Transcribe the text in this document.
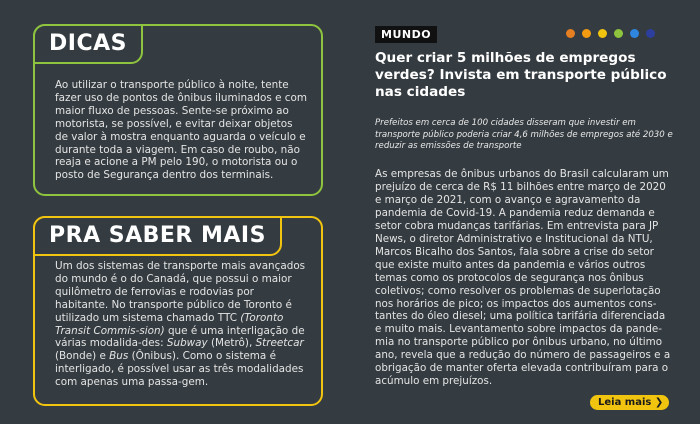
DICAS
Ao utilizar o transporte público à noite, tente fazer uso de pontos de ônibus iluminados e com maior fluxo de pessoas. Sente-se próximo ao motorista, se possível, e evitar deixar objetos de valor à mostra enquanto aguarda o veículo e durante toda a viagem. Em caso de roubo, não reaja e acione a PM pelo 190, o motorista ou o posto de Segurança dentro dos terminais.
PRA SABER MAIS
Um dos sistemas de transporte mais avançados do mundo é o do Canadá, que possui o maior quilômetro de ferrovias e rodovias por habitante. No transporte público de Toronto é utilizado um sistema chamado TTC (Toronto Transit Commis-sion) que é uma interligação de várias modalida-des: Subway (Metrô), Streetcar (Bonde) e Bus (Ônibus). Como o sistema é interligado, é possível usar as três modalidades com apenas uma passa-gem.
MUNDO
Quer criar 5 milhões de empregos verdes? Invista em transporte público nas cidades
Prefeitos em cerca de 100 cidades disseram que investir em transporte público poderia criar 4,6 milhões de empregos até 2030 e reduzir as emissões de transporte
As empresas de ônibus urbanos do Brasil calcularam um prejuízo de cerca de R$ 11 bilhões entre março de 2020 e março de 2021, com o avanço e agravamento da pandemia de Covid-19. A pandemia reduz demanda e setor cobra mudanças tarifárias. Em entrevista para JP News, o diretor Administrativo e Institucional da NTU, Marcos Bicalho dos Santos, fala sobre a crise do setor que existe muito antes da pandemia e vários outros temas como os protocolos de segurança nos ônibus coletivos; como resolver os problemas de superlotação nos horários de pico; os impactos dos aumentos cons-tantes do óleo diesel; uma política tarifária diferenciada e muito mais. Levantamento sobre impactos da pande-mia no transporte público por ônibus urbano, no último ano, revela que a redução do número de passageiros e a obrigação de manter oferta elevada contribuíram para o acúmulo em prejuízos.
Leia mais ❯
